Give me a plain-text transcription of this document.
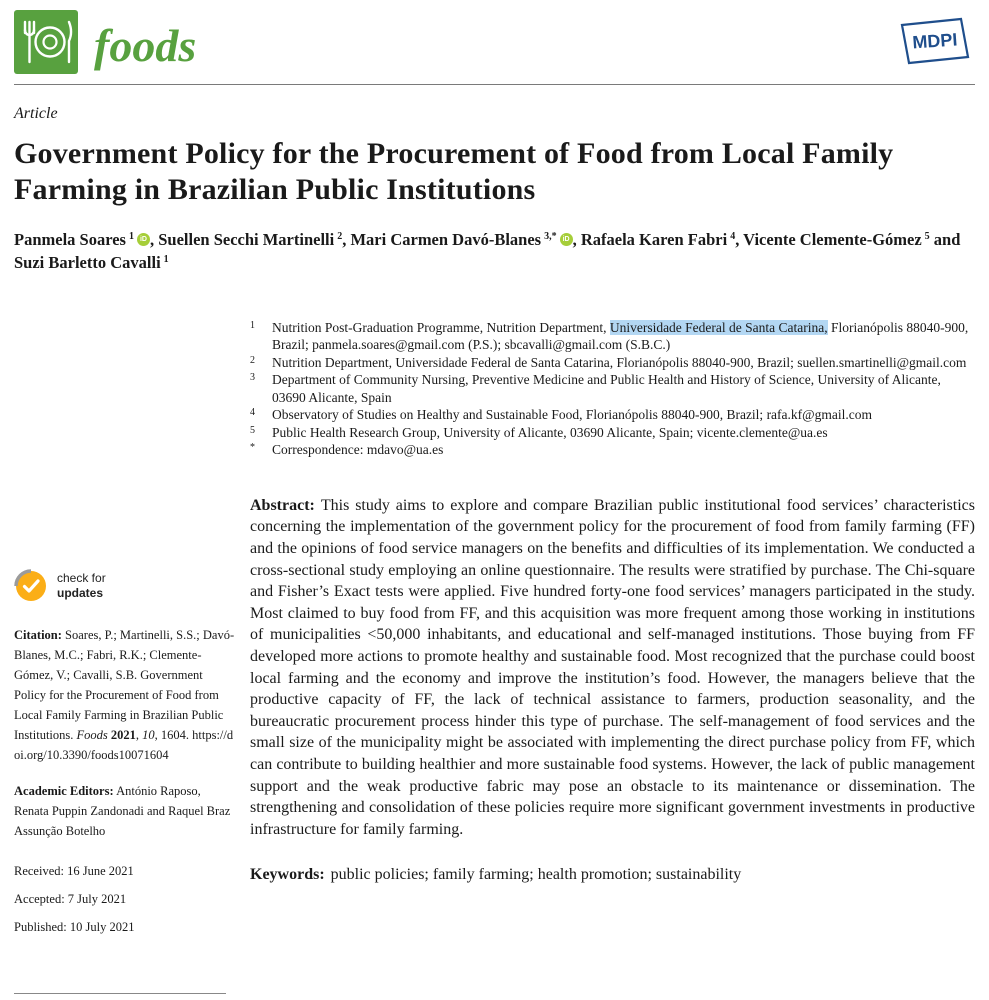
foods	MDPI
Article
Government Policy for the Procurement of Food from Local Family Farming in Brazilian Public Institutions
Panmela Soares $^1$ iD , Suellen Secchi Martinelli $^2$, Mari Carmen Davó-Blanes $^{3,*}$ iD , Rafaela Karen Fabri $^4$, Vicente Clemente-Gómez $^5$ and Suzi Barletto Cavalli $^1$
check for
updates

Citation: Soares, P.; Martinelli, S.S.; Davó-Blanes, M.C.; Fabri, R.K.; Clemente-Gómez, V.; Cavalli, S.B. Government Policy for the Procurement of Food from Local Family Farming in Brazilian Public Institutions. Foods 2021, 10, 1604. https://doi.org/10.3390/foods10071604

Academic Editors: António Raposo, Renata Puppin Zandonadi and Raquel Braz Assunção Botelho

Received: 16 June 2021
Accepted: 7 July 2021
Published: 10 July 2021
1	Nutrition Post-Graduation Programme, Nutrition Department, Universidade Federal de Santa Catarina, Florianópolis 88040-900, Brazil; panmela.soares@gmail.com (P.S.); sbcavalli@gmail.com (S.B.C.)
2	Nutrition Department, Universidade Federal de Santa Catarina, Florianópolis 88040-900, Brazil; suellen.smartinelli@gmail.com
3	Department of Community Nursing, Preventive Medicine and Public Health and History of Science, University of Alicante, 03690 Alicante, Spain
4	Observatory of Studies on Healthy and Sustainable Food, Florianópolis 88040-900, Brazil; rafa.kf@gmail.com
5	Public Health Research Group, University of Alicante, 03690 Alicante, Spain; vicente.clemente@ua.es
*	Correspondence: mdavo@ua.es

Abstract: This study aims to explore and compare Brazilian public institutional food services’ characteristics concerning the implementation of the government policy for the procurement of food from family farming (FF) and the opinions of food service managers on the benefits and difficulties of its implementation. We conducted a cross-sectional study employing an online questionnaire. The results were stratified by purchase. The Chi-square and Fisher’s Exact tests were applied. Five hundred forty-one food services’ managers participated in the study. Most claimed to buy food from FF, and this acquisition was more frequent among those working in institutions of municipalities <50,000 inhabitants, and educational and self-managed institutions. Those buying from FF developed more actions to promote healthy and sustainable food. Most recognized that the purchase could boost local farming and the economy and improve the institution’s food. However, the managers believe that the productive capacity of FF, the lack of technical assistance to farmers, production seasonality, and the bureaucratic procurement process hinder this type of purchase. The self-management of food services and the small size of the municipality might be associated with implementing the direct purchase policy from FF, which can contribute to building healthier and more sustainable food systems. However, the lack of public management support and the weak productive fabric may pose an obstacle to its maintenance or dissemination. The strengthening and consolidation of these policies require more significant government investments in productive infrastructure for family farming.

Keywords: public policies; family farming; health promotion; sustainability
